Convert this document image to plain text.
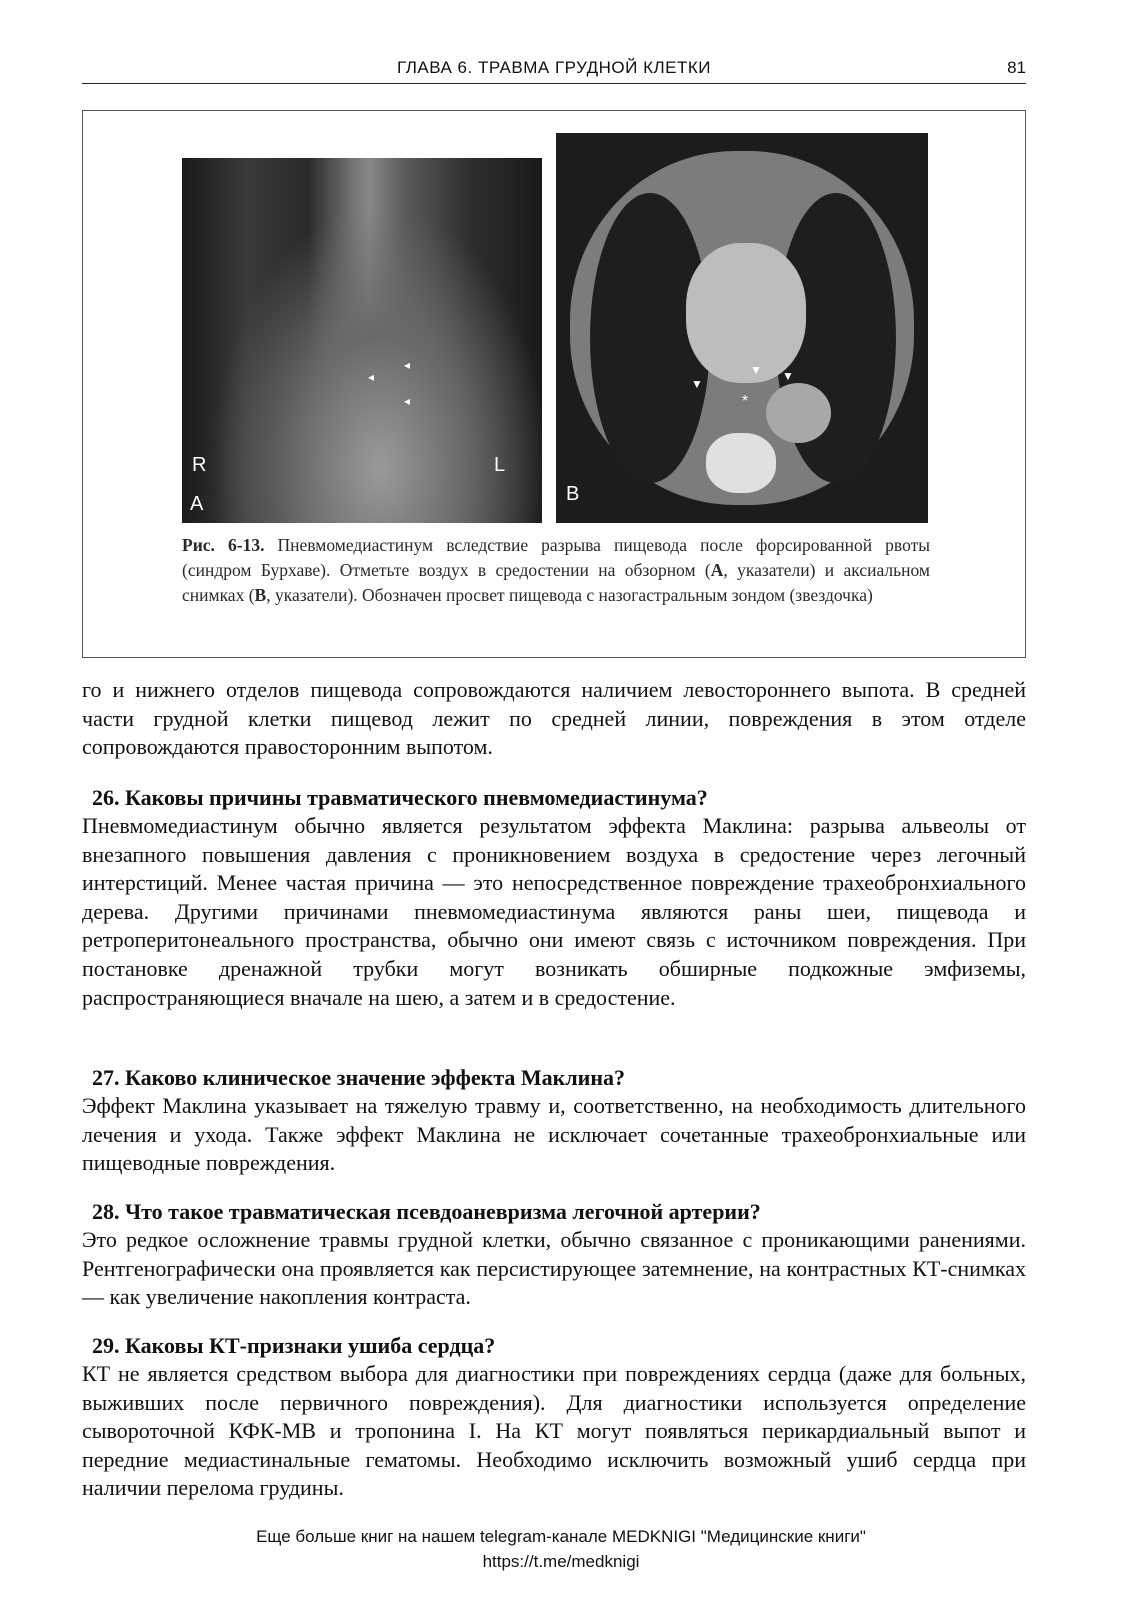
ГЛАВА 6. ТРАВМА ГРУДНОЙ КЛЕТКИ	81
R	L
A
◂
◂
◂	*
▼
▼ ▼
B
Рис. 6-13. Пневмомедиастинум вследствие разрыва пищевода после форсированной рвоты (синдром Бурхаве). Отметьте воздух в средостении на обзорном (А, указатели) и аксиальном снимках (В, указатели). Обозначен просвет пищевода с назогастральным зондом (звездочка)

го и нижнего отделов пищевода сопровождаются наличием левостороннего выпота. В средней части грудной клетки пищевод лежит по средней линии, повреждения в этом отделе сопровождаются правосторонним выпотом.

26. Каковы причины травматического пневмомедиастинума?

Пневмомедиастинум обычно является результатом эффекта Маклина: разрыва альвеолы от внезапного повышения давления с проникновением воздуха в средостение через легочный интерстиций. Менее частая причина — это непосредственное повреждение трахеобронхиального дерева. Другими причинами пневмомедиастинума являются раны шеи, пищевода и ретроперитонеального пространства, обычно они имеют связь с источником повреждения. При постановке дренажной трубки могут возникать обширные подкожные эмфиземы, распространяющиеся вначале на шею, а затем и в средостение.

27. Каково клиническое значение эффекта Маклина?

Эффект Маклина указывает на тяжелую травму и, соответственно, на необходимость длительного лечения и ухода. Также эффект Маклина не исключает сочетанные трахеобронхиальные или пищеводные повреждения.

28. Что такое травматическая псевдоаневризма легочной артерии?

Это редкое осложнение травмы грудной клетки, обычно связанное с проникающими ранениями. Рентгенографически она проявляется как персистирующее затемнение, на контрастных КТ-снимках — как увеличение накопления контраста.

29. Каковы КТ-признаки ушиба сердца?

КТ не является средством выбора для диагностики при повреждениях сердца (даже для больных, выживших после первичного повреждения). Для диагностики используется определение сывороточной КФК-МВ и тропонина I. На КТ могут появляться перикардиальный выпот и передние медиастинальные гематомы. Необходимо исключить возможный ушиб сердца при наличии перелома грудины.

Еще больше книг на нашем telegram-канале MEDKNIGI "Медицинские книги"
https://t.me/medknigi
